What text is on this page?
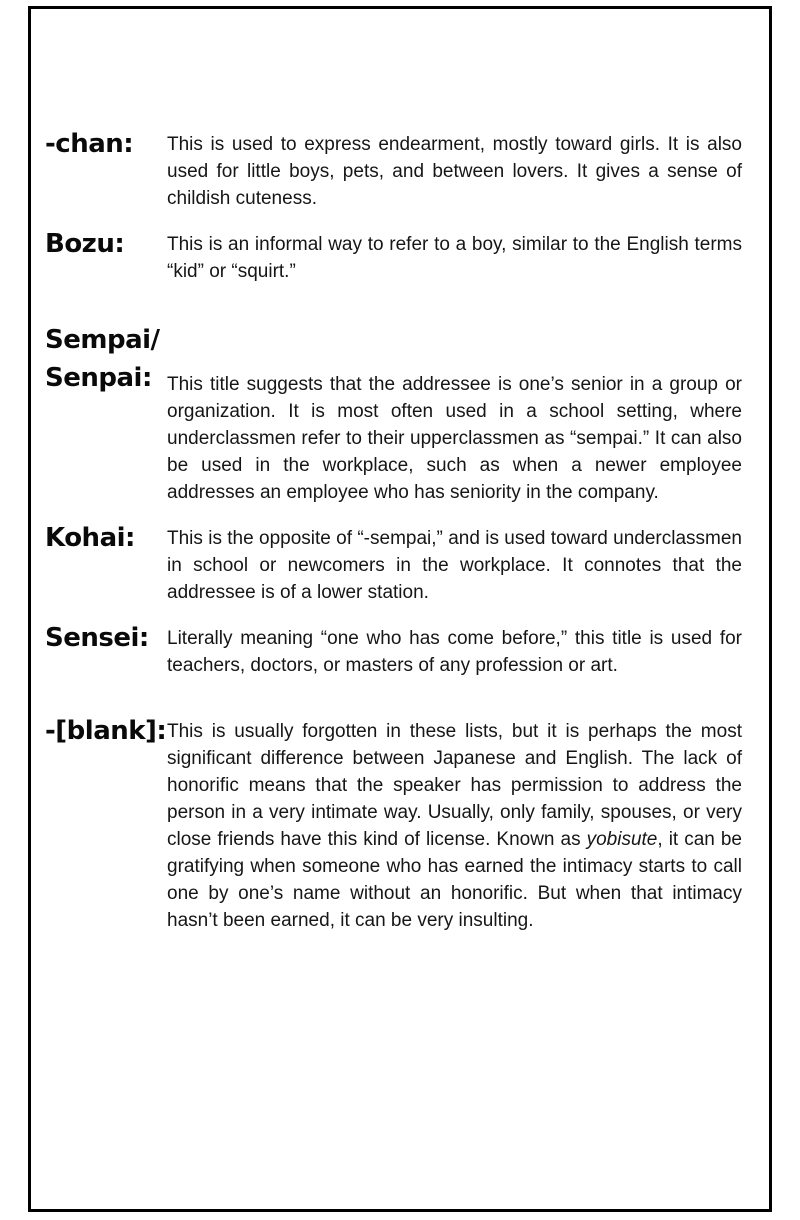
-chan:	This is used to express endearment, mostly toward girls. It is also used for little boys, pets, and between lovers. It gives a sense of childish cuteness.
Bozu:	This is an informal way to refer to a boy, similar to the English terms “kid” or “squirt.”
Sempai/
Senpai: This title suggests that the addressee is one’s senior in a group or organization. It is most often used in a school setting, where underclassmen refer to their upperclassmen as “sempai.” It can also be used in the workplace, such as when a newer employee addresses an employee who has seniority in the company.
Kohai:	This is the opposite of “-sempai,” and is used toward underclassmen in school or newcomers in the workplace. It connotes that the addressee is of a lower station.
Sensei: Literally meaning “one who has come before,” this title is used for teachers, doctors, or masters of any profession or art.
-[blank]: This is usually forgotten in these lists, but it is perhaps the most significant difference between Japanese and English. The lack of honorific means that the speaker has permission to address the person in a very intimate way. Usually, only family, spouses, or very close friends have this kind of license. Known as yobisute, it can be gratifying when someone who has earned the intimacy starts to call one by one’s name without an honorific. But when that intimacy hasn’t been earned, it can be very insulting.
